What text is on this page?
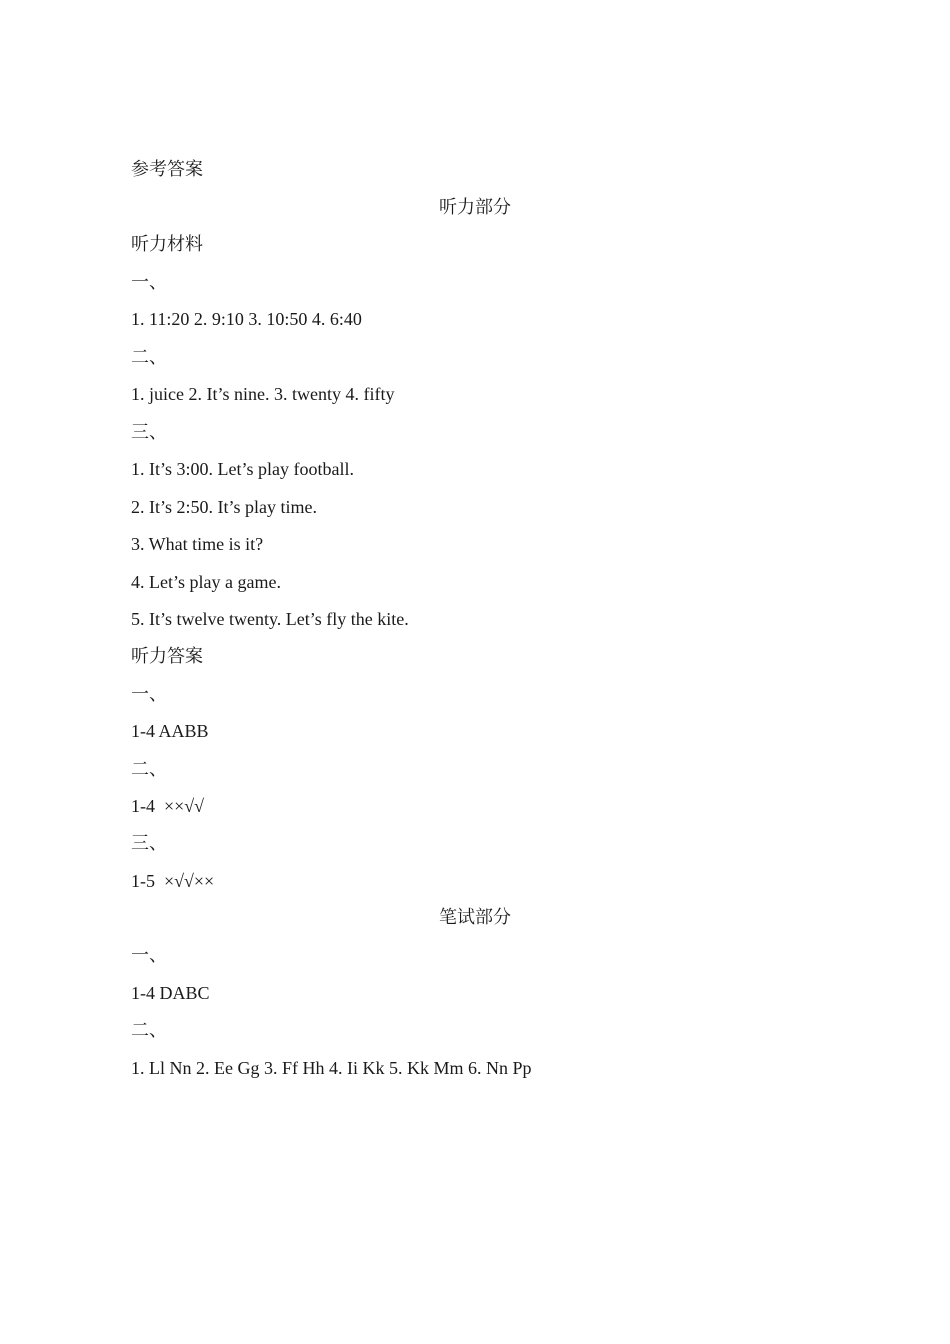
参考答案
听力部分
听力材料
一、
1. 11:20 2. 9:10 3. 10:50 4. 6:40
二、
1. juice 2. It’s nine. 3. twenty 4. fifty
三、
1. It’s 3:00. Let’s play football.
2. It’s 2:50. It’s play time.
3. What time is it?
4. Let’s play a game.
5. It’s twelve twenty. Let’s fly the kite.
听力答案
一、
1-4 AABB
二、
1-4  ××√√
三、
1-5  ×√√××
笔试部分
一、
1-4 DABC
二、
1. Ll Nn 2. Ee Gg 3. Ff Hh 4. Ii Kk 5. Kk Mm 6. Nn Pp
